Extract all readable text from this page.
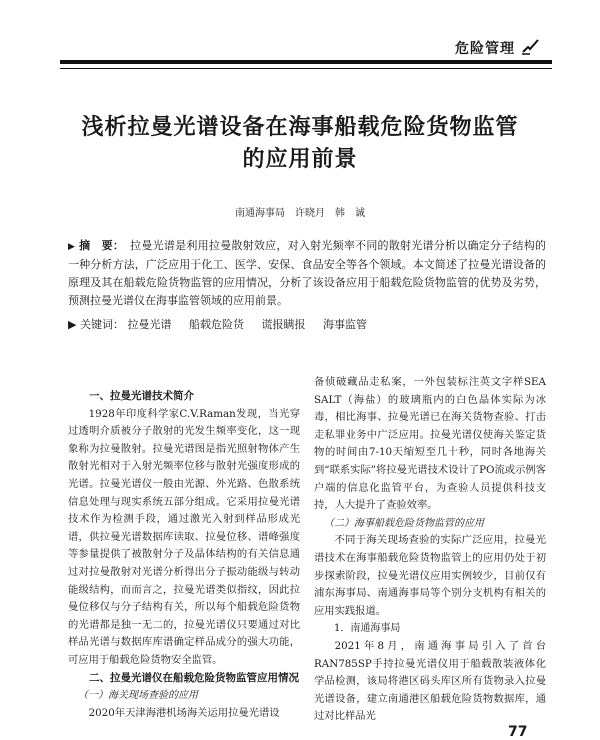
危险管理
浅析拉曼光谱设备在海事船载危险货物监管
的应用前景
南通海事局　许晓月　韩　诚
▶ 摘　要： 拉曼光谱是利用拉曼散射效应，对入射光频率不同的散射光谱分析以确定分子结构的一种分析方法，广泛应用于化工、医学、安保、食品安全等各个领域。本文简述了拉曼光谱设备的原理及其在船载危险货物监管的应用情况，分析了该设备应用于船载危险货物监管的优势及劣势，预测拉曼光谱仪在海事监管领域的应用前景。
▶ 关键词： 拉曼光谱 船载危险货 谎报瞒报 海事监管
一、拉曼光谱技术简介

1928年印度科学家C.V.Raman发现，当光穿过透明介质被分子散射的光发生频率变化，这一现象称为拉曼散射。拉曼光谱图是指光照射物体产生散射光相对于入射光频率位移与散射光强度形成的光谱。拉曼光谱仪一般由光源、外光路、色散系统信息处理与现实系统五部分组成。它采用拉曼光谱技术作为检测手段，通过激光入射到样品形成光谱，供拉曼光谱数据库读取、拉曼位移、谱峰强度等参量提供了被散射分子及晶体结构的有关信息通过对拉曼散射对光谱分析得出分子振动能级与转动能级结构，而而言之，拉曼光谱类似指纹，因此拉曼位移仅与分子结构有关，所以每个船载危险货物的光谱都是独一无二的，拉曼光谱仪只要通过对比样品光谱与数据库库谱确定样品成分的强大功能，可应用于船载危险货物安全监管。

二、拉曼光谱仪在船载危险货物监管应用情况
（一）海关现场查验的应用

2020年天津海港机场海关运用拉曼光谱设

备侦破藏品走私案，一外包装标注英文字样SEA SALT（海盐）的玻璃瓶内的白色晶体实际为冰毒，相比海事、拉曼光谱已在海关货物查验、打击走私罪业务中广泛应用。拉曼光谱仪使海关鉴定货物的时间由7-10天缩短至几十秒，同时各地海关到“联系实际”将拉曼光谱技术设计了PO流或示例客户端的信息化监管平台，为查验人员提供科技支持，人大提升了查验效率。

（二）海事船载危险货物监管的应用

不同于海关现场查验的实际广泛应用，拉曼光谱技术在海事船载危险货物监管上的应用仍处于初步探索阶段，拉曼光谱仪应用实例较少，目前仅有浦东海事局、南通海事局等个别分支机构有相关的应用实践报道。

1．南通海事局

2021年8月，南通海事局引入了首台RAN785SP手持拉曼光谱仪用于船载散装液体化学品检测，该局将港区码头库区所有货物录入拉曼光谱设备，建立南通港区船载危险货物数据库，通过对比样品光

77
